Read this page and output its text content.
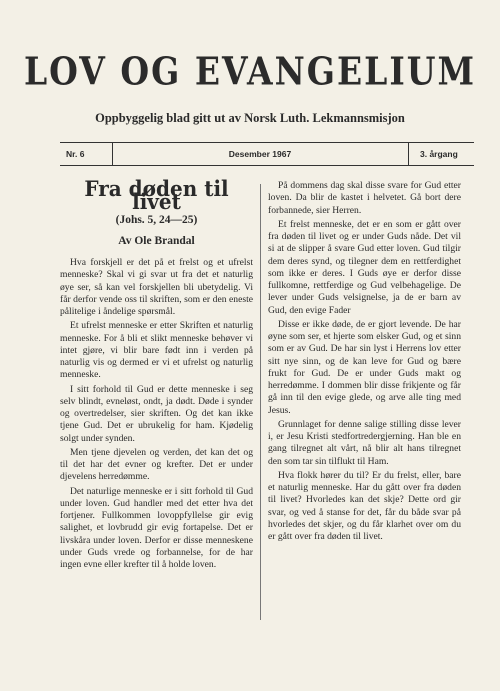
LOV OG EVANGELIUM
Oppbyggelig blad gitt ut av Norsk Luth. Lekmannsmisjon
Nr. 6	Desember 1967	3. årgang
Fra døden til livet
(Johs. 5, 24—25)
Av Ole Brandal

Hva forskjell er det på et frelst og et ufrelst menneske? Skal vi gi svar ut fra det et naturlig øye ser, så kan vel forskjellen bli ubetydelig. Vi får derfor vende oss til skriften, som er den eneste pålitelige i åndelige spørsmål.

Et ufrelst menneske er etter Skriften et naturlig menneske. For å bli et slikt menneske behøver vi intet gjøre, vi blir bare født inn i verden på naturlig vis og dermed er vi et ufrelst og naturlig menneske.

I sitt forhold til Gud er dette menneske i seg selv blindt, evneløst, ondt, ja dødt. Døde i synder og overtredelser, sier skriften. Og det kan ikke tjene Gud. Det er ubrukelig for ham. Kjødelig solgt under synden.

Men tjene djevelen og verden, det kan det og til det har det evner og krefter. Det er under djevelens herredømme.

Det naturlige menneske er i sitt forhold til Gud under loven. Gud handler med det etter hva det fortjener. Fullkommen lovoppfyllelse gir evig salighet, et lovbrudd gir evig fortapelse. Det er livskåra under loven. Derfor er disse menneskene under Guds vrede og forbannelse, for de har ingen evne eller krefter til å holde loven.

På dommens dag skal disse svare for Gud etter loven. Da blir de kastet i helvetet. Gå bort dere forbannede, sier Herren.

Et frelst menneske, det er en som er gått over fra døden til livet og er under Guds nåde. Det vil si at de slipper å svare Gud etter loven. Gud tilgir dem deres synd, og tilegner dem en rettferdighet som ikke er deres. I Guds øye er derfor disse fullkomne, rettferdige og Gud velbehagelige. De lever under Guds velsignelse, ja de er barn av Gud, den evige Fader

Disse er ikke døde, de er gjort levende. De har øyne som ser, et hjerte som elsker Gud, og et sinn som er av Gud. De har sin lyst i Herrens lov etter sitt nye sinn, og de kan leve for Gud og bære frukt for Gud. De er under Guds makt og herredømme. I dommen blir disse frikjente og får gå inn til den evige glede, og arve alle ting med Jesus.

Grunnlaget for denne salige stilling disse lever i, er Jesu Kristi stedfortredergjerning. Han ble en gang tilregnet alt vårt, nå blir alt hans tilregnet den som tar sin tilflukt til Ham.

Hva flokk hører du til? Er du frelst, eller, bare et naturlig menneske. Har du gått over fra døden til livet? Hvorledes kan det skje? Dette ord gir svar, og ved å stanse for det, får du både svar på hvorledes det skjer, og du får klarhet over om du er gått over fra døden til livet.
